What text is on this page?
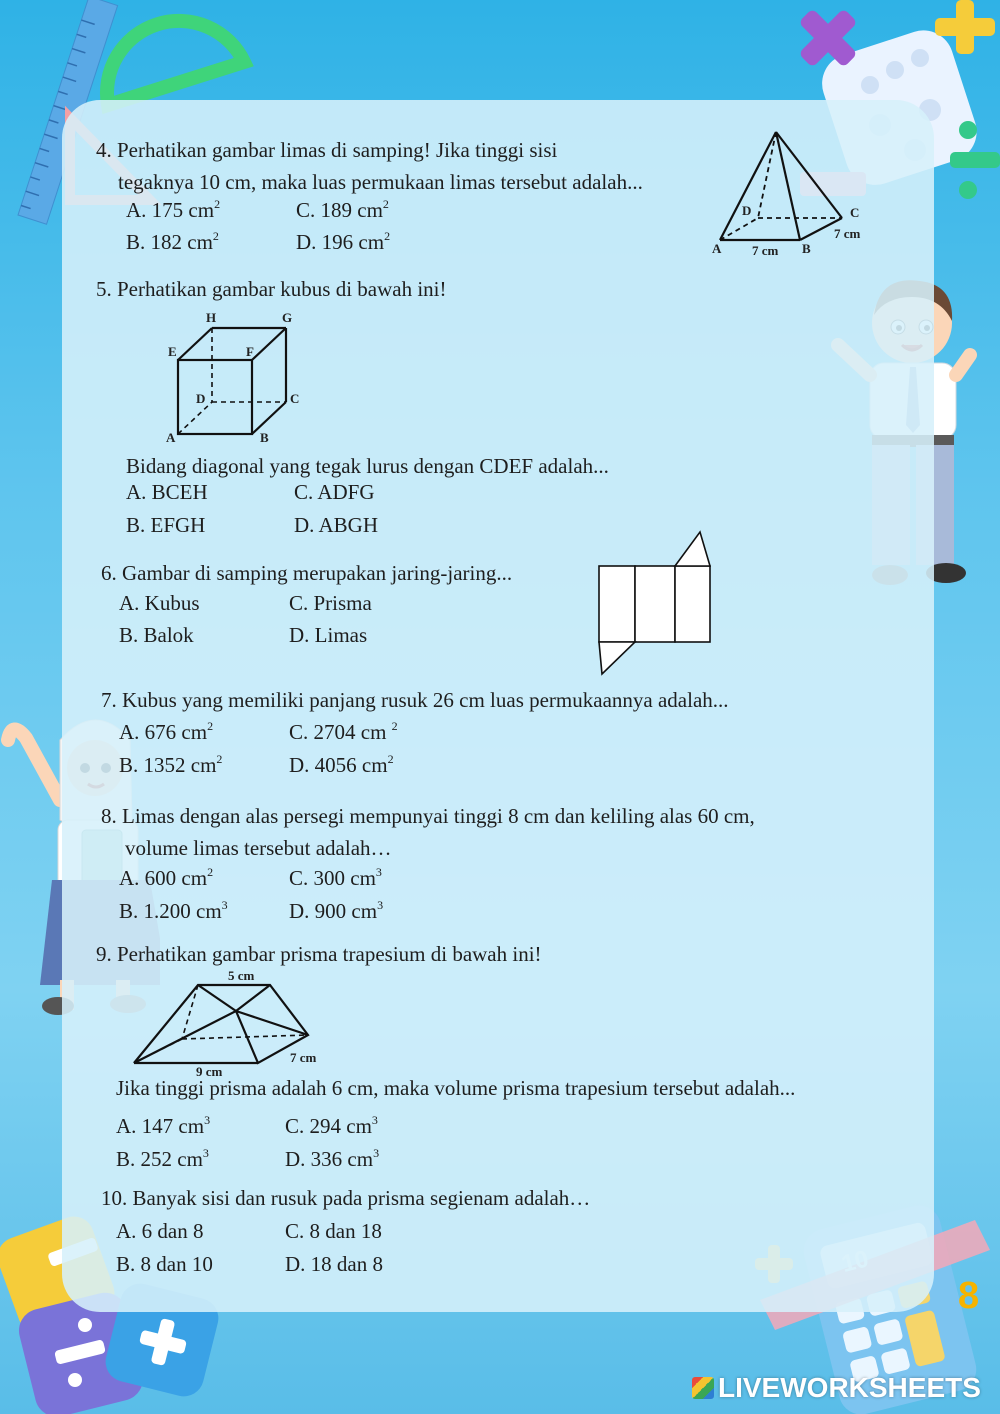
8
4. Perhatikan gambar limas di samping! Jika tinggi sisi
tegaknya 10 cm, maka luas permukaan limas tersebut adalah...
A. 175 $cm^2$	C. 189 $cm^2$
B. 182 $cm^2$	D. 196 $cm^2$
D	C
A 7 cm B
7 cm
5. Perhatikan gambar kubus di bawah ini!
H	G
E	F
D	C
A	B
Bidang diagonal yang tegak lurus dengan CDEF adalah...
A. BCEH	C. ADFG
B. EFGH	D. ABGH
6. Gambar di samping merupakan jaring-jaring...
A. Kubus	C. Prisma
B. Balok	D. Limas
7. Kubus yang memiliki panjang rusuk 26 cm luas permukaannya adalah...
A. 676 $cm^2$	C. 2704 cm $^2$
B. 1352 $cm^2$	D. 4056 $cm^2$
8. Limas dengan alas persegi mempunyai tinggi 8 cm dan keliling alas 60 cm,
volume limas tersebut adalah…
A. 600 $cm^2$	C. 300 $cm^3$
B. 1.200 $cm^3$	D. 900 $cm^3$
9. Perhatikan gambar prisma trapesium di bawah ini!
5 cm
7 cm
9 cm
Jika tinggi prisma adalah 6 cm, maka volume prisma trapesium tersebut adalah...
A. 147 $cm^3$	C. 294 $cm^3$
B. 252 $cm^3$	D. 336 $cm^3$
10. Banyak sisi dan rusuk pada prisma segienam adalah…
A. 6 dan 8	C. 8 dan 18
B. 8 dan 10	D. 18 dan 8
LIVEWORKSHEETS
